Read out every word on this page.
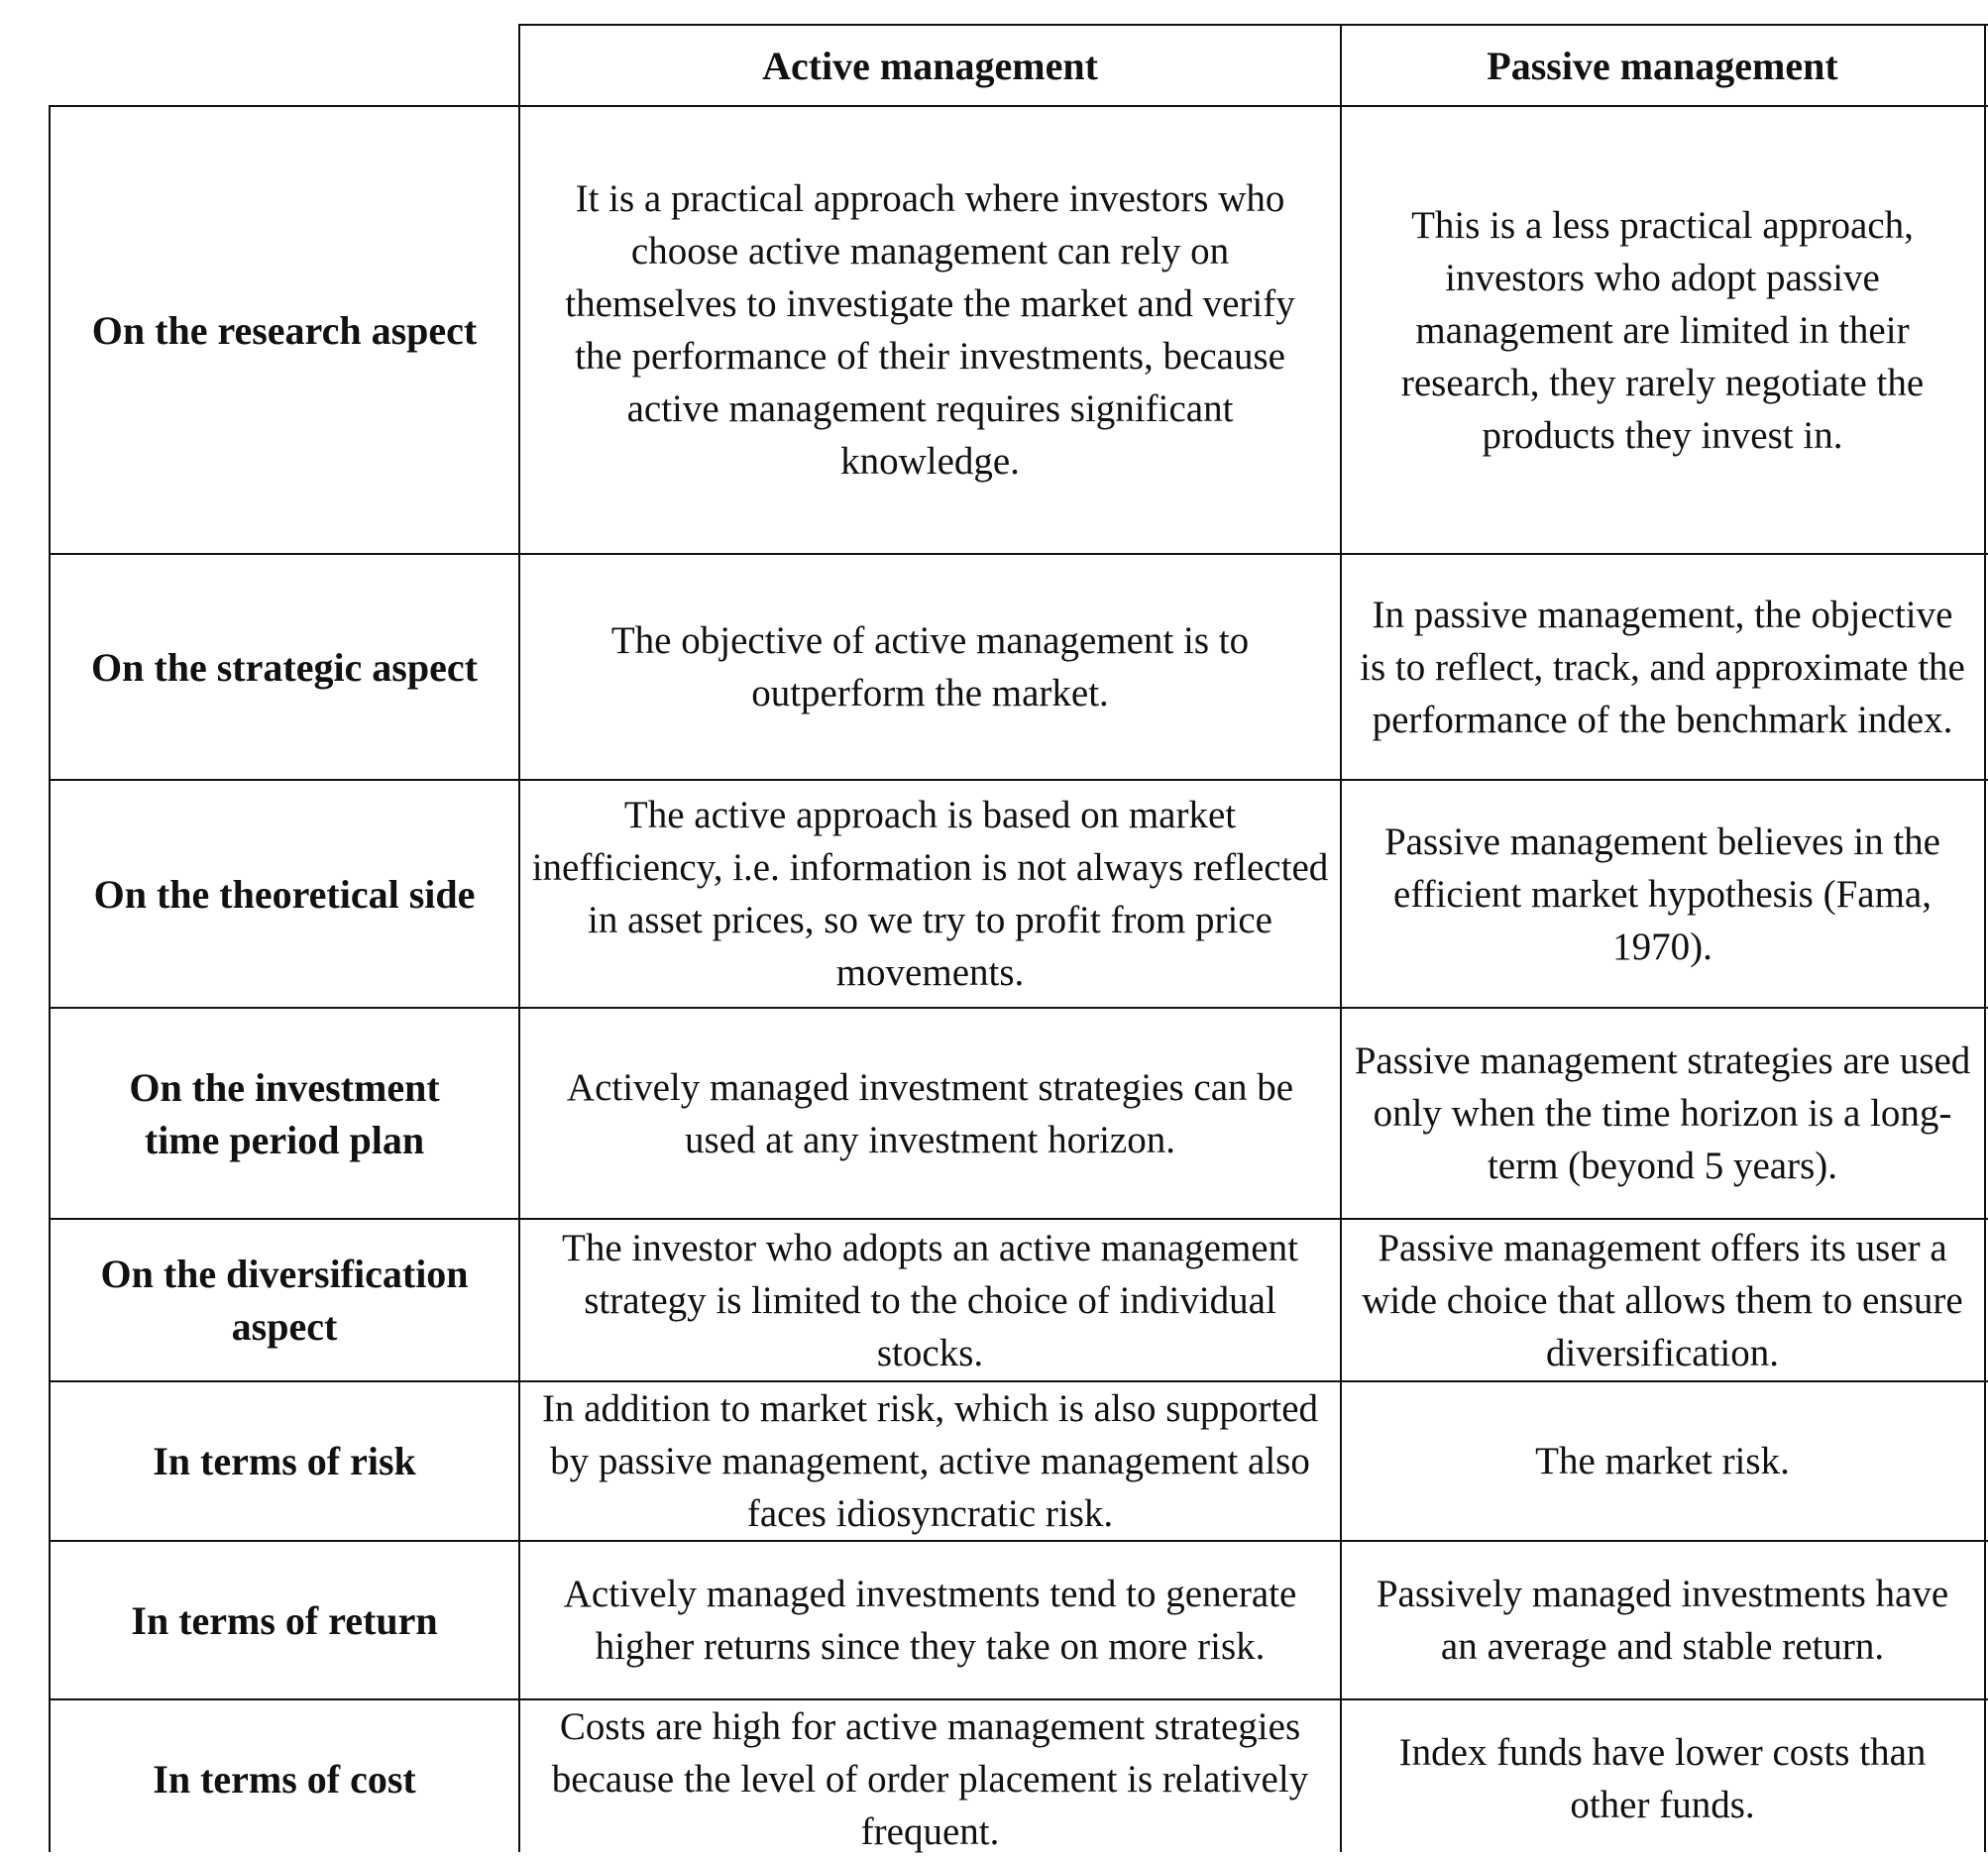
Active management	Passive management
On the research aspect
It is a practical approach where investors who choose active management can rely on themselves to investigate the market and verify the performance of their investments, because active management requires significant knowledge.
This is a less practical approach, investors who adopt passive management are limited in their research, they rarely negotiate the products they invest in.
On the strategic aspect
The objective of active management is to outperform the market.
In passive management, the objective is to reflect, track, and approximate the performance of the benchmark index.
On the theoretical side
The active approach is based on market inefficiency, i.e. information is not always reflected in asset prices, so we try to profit from price movements.
Passive management believes in the efficient market hypothesis (Fama, 1970).
On the investment time period plan
Actively managed investment strategies can be used at any investment horizon.
Passive management strategies are used only when the time horizon is a long-term (beyond 5 years).
On the diversification aspect
The investor who adopts an active management strategy is limited to the choice of individual stocks.
Passive management offers its user a wide choice that allows them to ensure diversification.
In terms of risk
In addition to market risk, which is also supported by passive management, active management also faces idiosyncratic risk.
The market risk.
In terms of return
Actively managed investments tend to generate higher returns since they take on more risk.
Passively managed investments have an average and stable return.
In terms of cost
Costs are high for active management strategies because the level of order placement is relatively frequent.
Index funds have lower costs than other funds.
